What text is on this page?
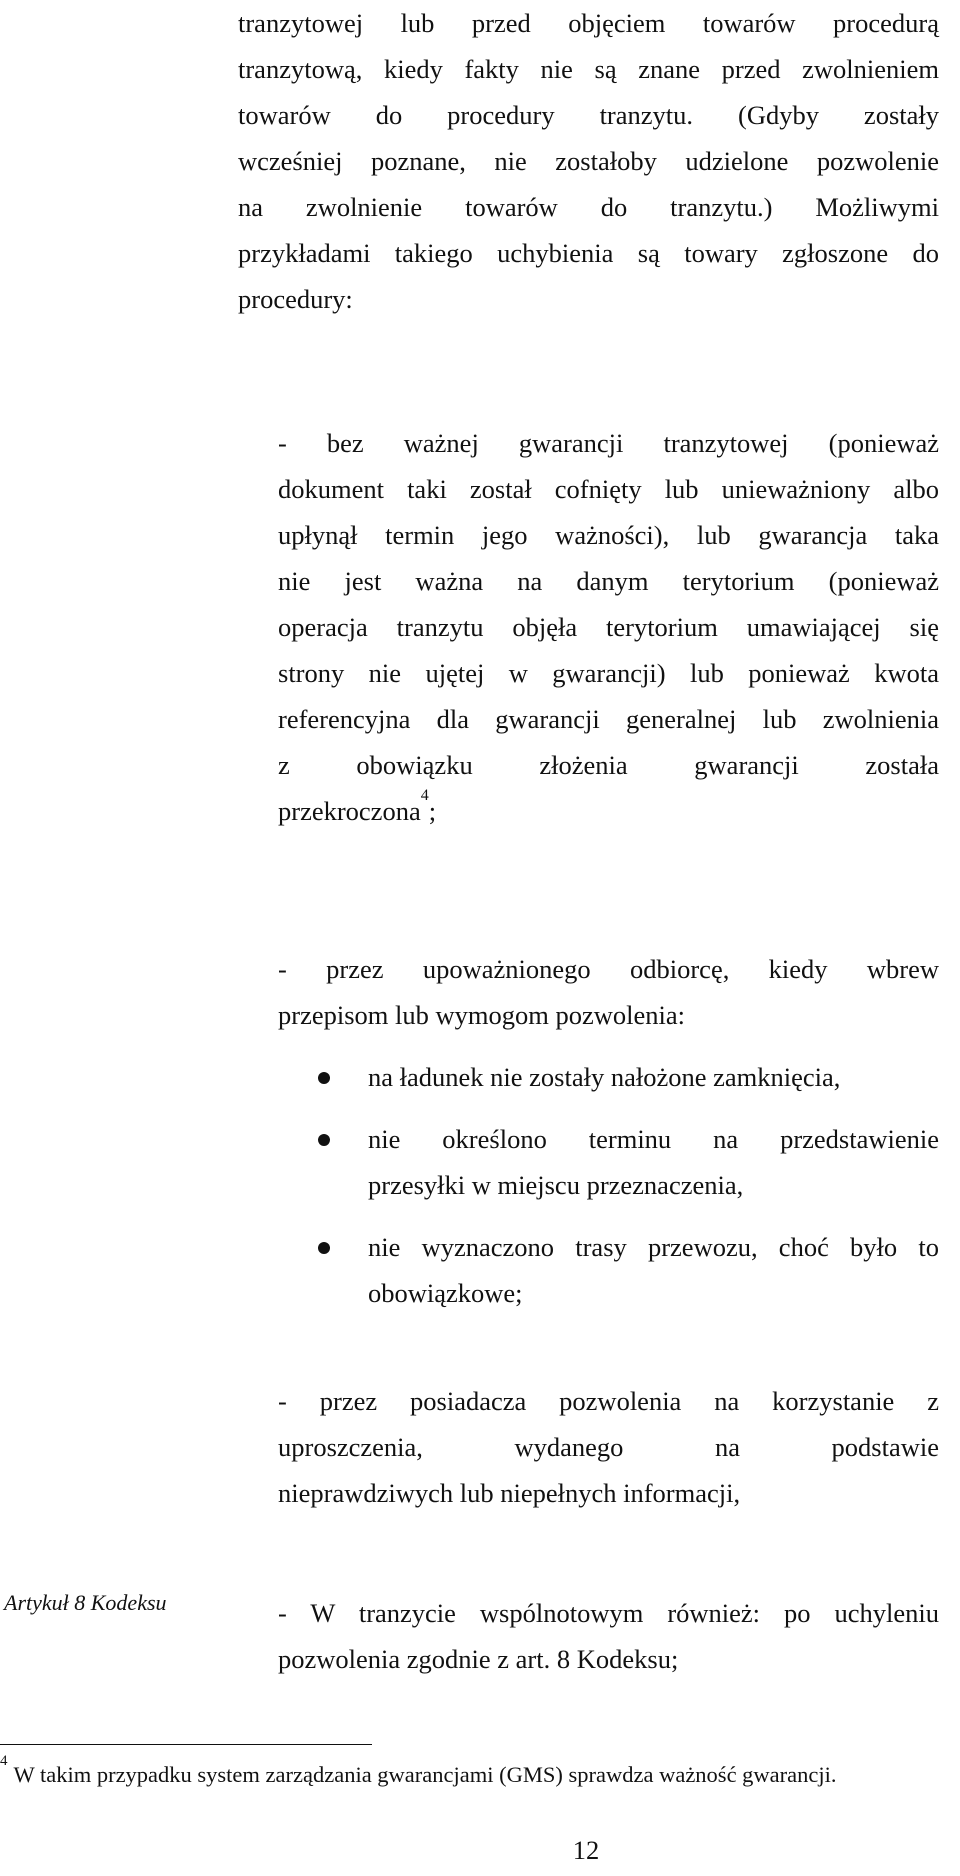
tranzytowej lub przed objęciem towarów procedurą
tranzytową, kiedy fakty nie są znane przed zwolnieniem
towarów do procedury tranzytu. (Gdyby zostały
wcześniej poznane, nie zostałoby udzielone pozwolenie
na zwolnienie towarów do tranzytu.) Możliwymi
przykładami takiego uchybienia są towary zgłoszone do
procedury:
- bez ważnej gwarancji tranzytowej (ponieważ
dokument taki został cofnięty lub unieważniony albo
upłynął termin jego ważności), lub gwarancja taka
nie jest ważna na danym terytorium (ponieważ
operacja tranzytu objęła terytorium umawiającej się
strony nie ujętej w gwarancji) lub ponieważ kwota
referencyjna dla gwarancji generalnej lub zwolnienia
z obowiązku złożenia gwarancji została
przekroczona$^4$;
- przez upoważnionego odbiorcę, kiedy wbrew
przepisom lub wymogom pozwolenia:
na ładunek nie zostały nałożone zamknięcia,
nie określono terminu na przedstawienie
przesyłki w miejscu przeznaczenia,
nie wyznaczono trasy przewozu, choć było to
obowiązkowe;
- przez posiadacza pozwolenia na korzystanie z
uproszczenia, wydanego na podstawie
nieprawdziwych lub niepełnych informacji,
Artykuł 8 Kodeksu	- W tranzycie wspólnotowym również: po uchyleniu
pozwolenia zgodnie z art. 8 Kodeksu;
$^4$W takim przypadku system zarządzania gwarancjami (GMS) sprawdza ważność gwarancji.
12
